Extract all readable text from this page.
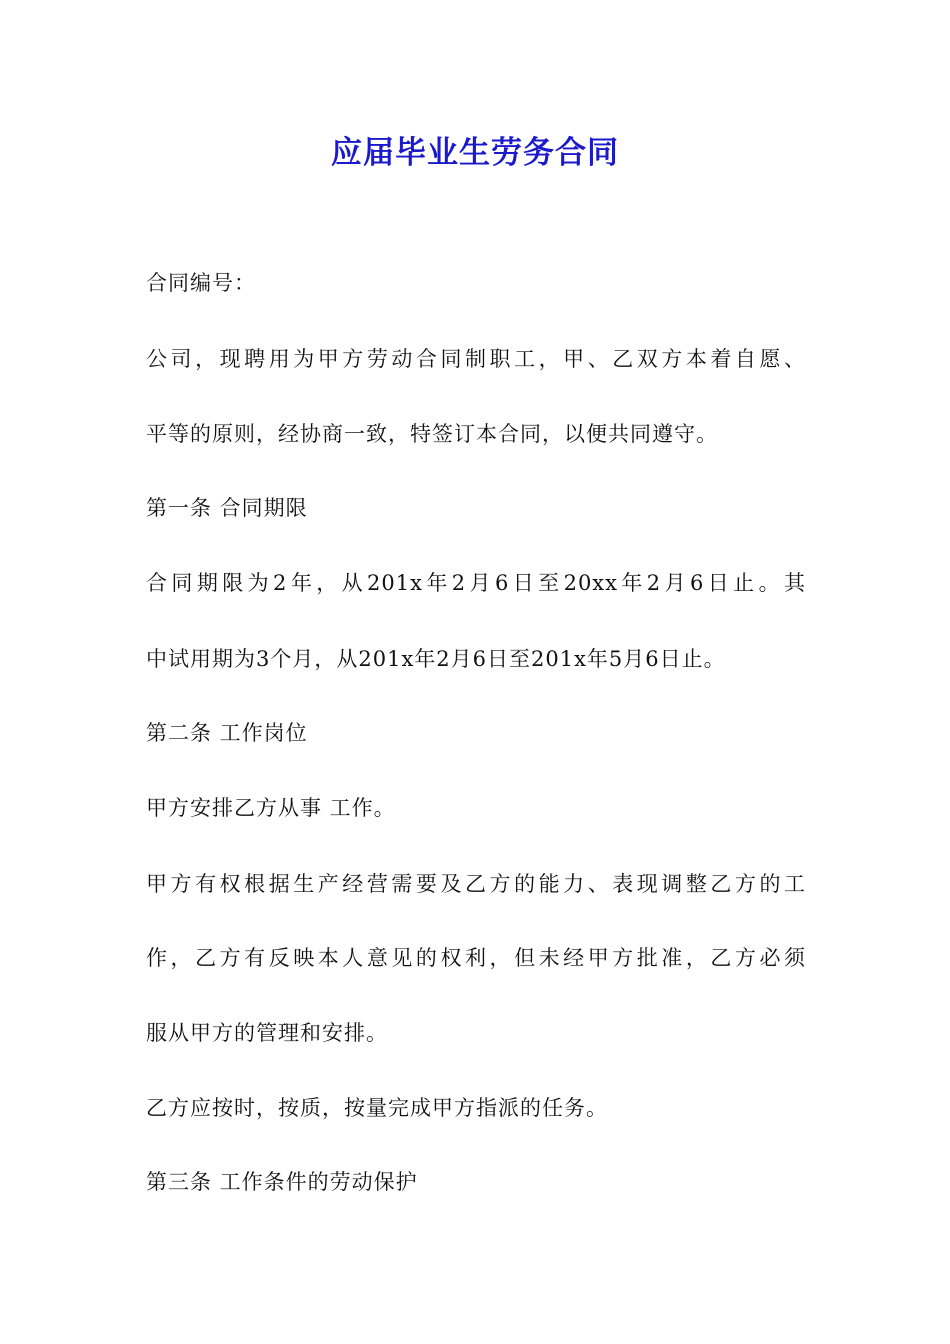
应届毕业生劳务合同

合同编号：

公司，现聘用为甲方劳动合同制职工，甲、乙双方本着自愿、

平等的原则，经协商一致，特签订本合同，以便共同遵守。

第一条 合同期限

合同期限为2年，从201x年2月6日至20xx年2月6日止。其

中试用期为3个月，从201x年2月6日至201x年5月6日止。

第二条 工作岗位

甲方安排乙方从事 工作。

甲方有权根据生产经营需要及乙方的能力、表现调整乙方的工

作，乙方有反映本人意见的权利，但未经甲方批准，乙方必须

服从甲方的管理和安排。

乙方应按时，按质，按量完成甲方指派的任务。

第三条 工作条件的劳动保护
